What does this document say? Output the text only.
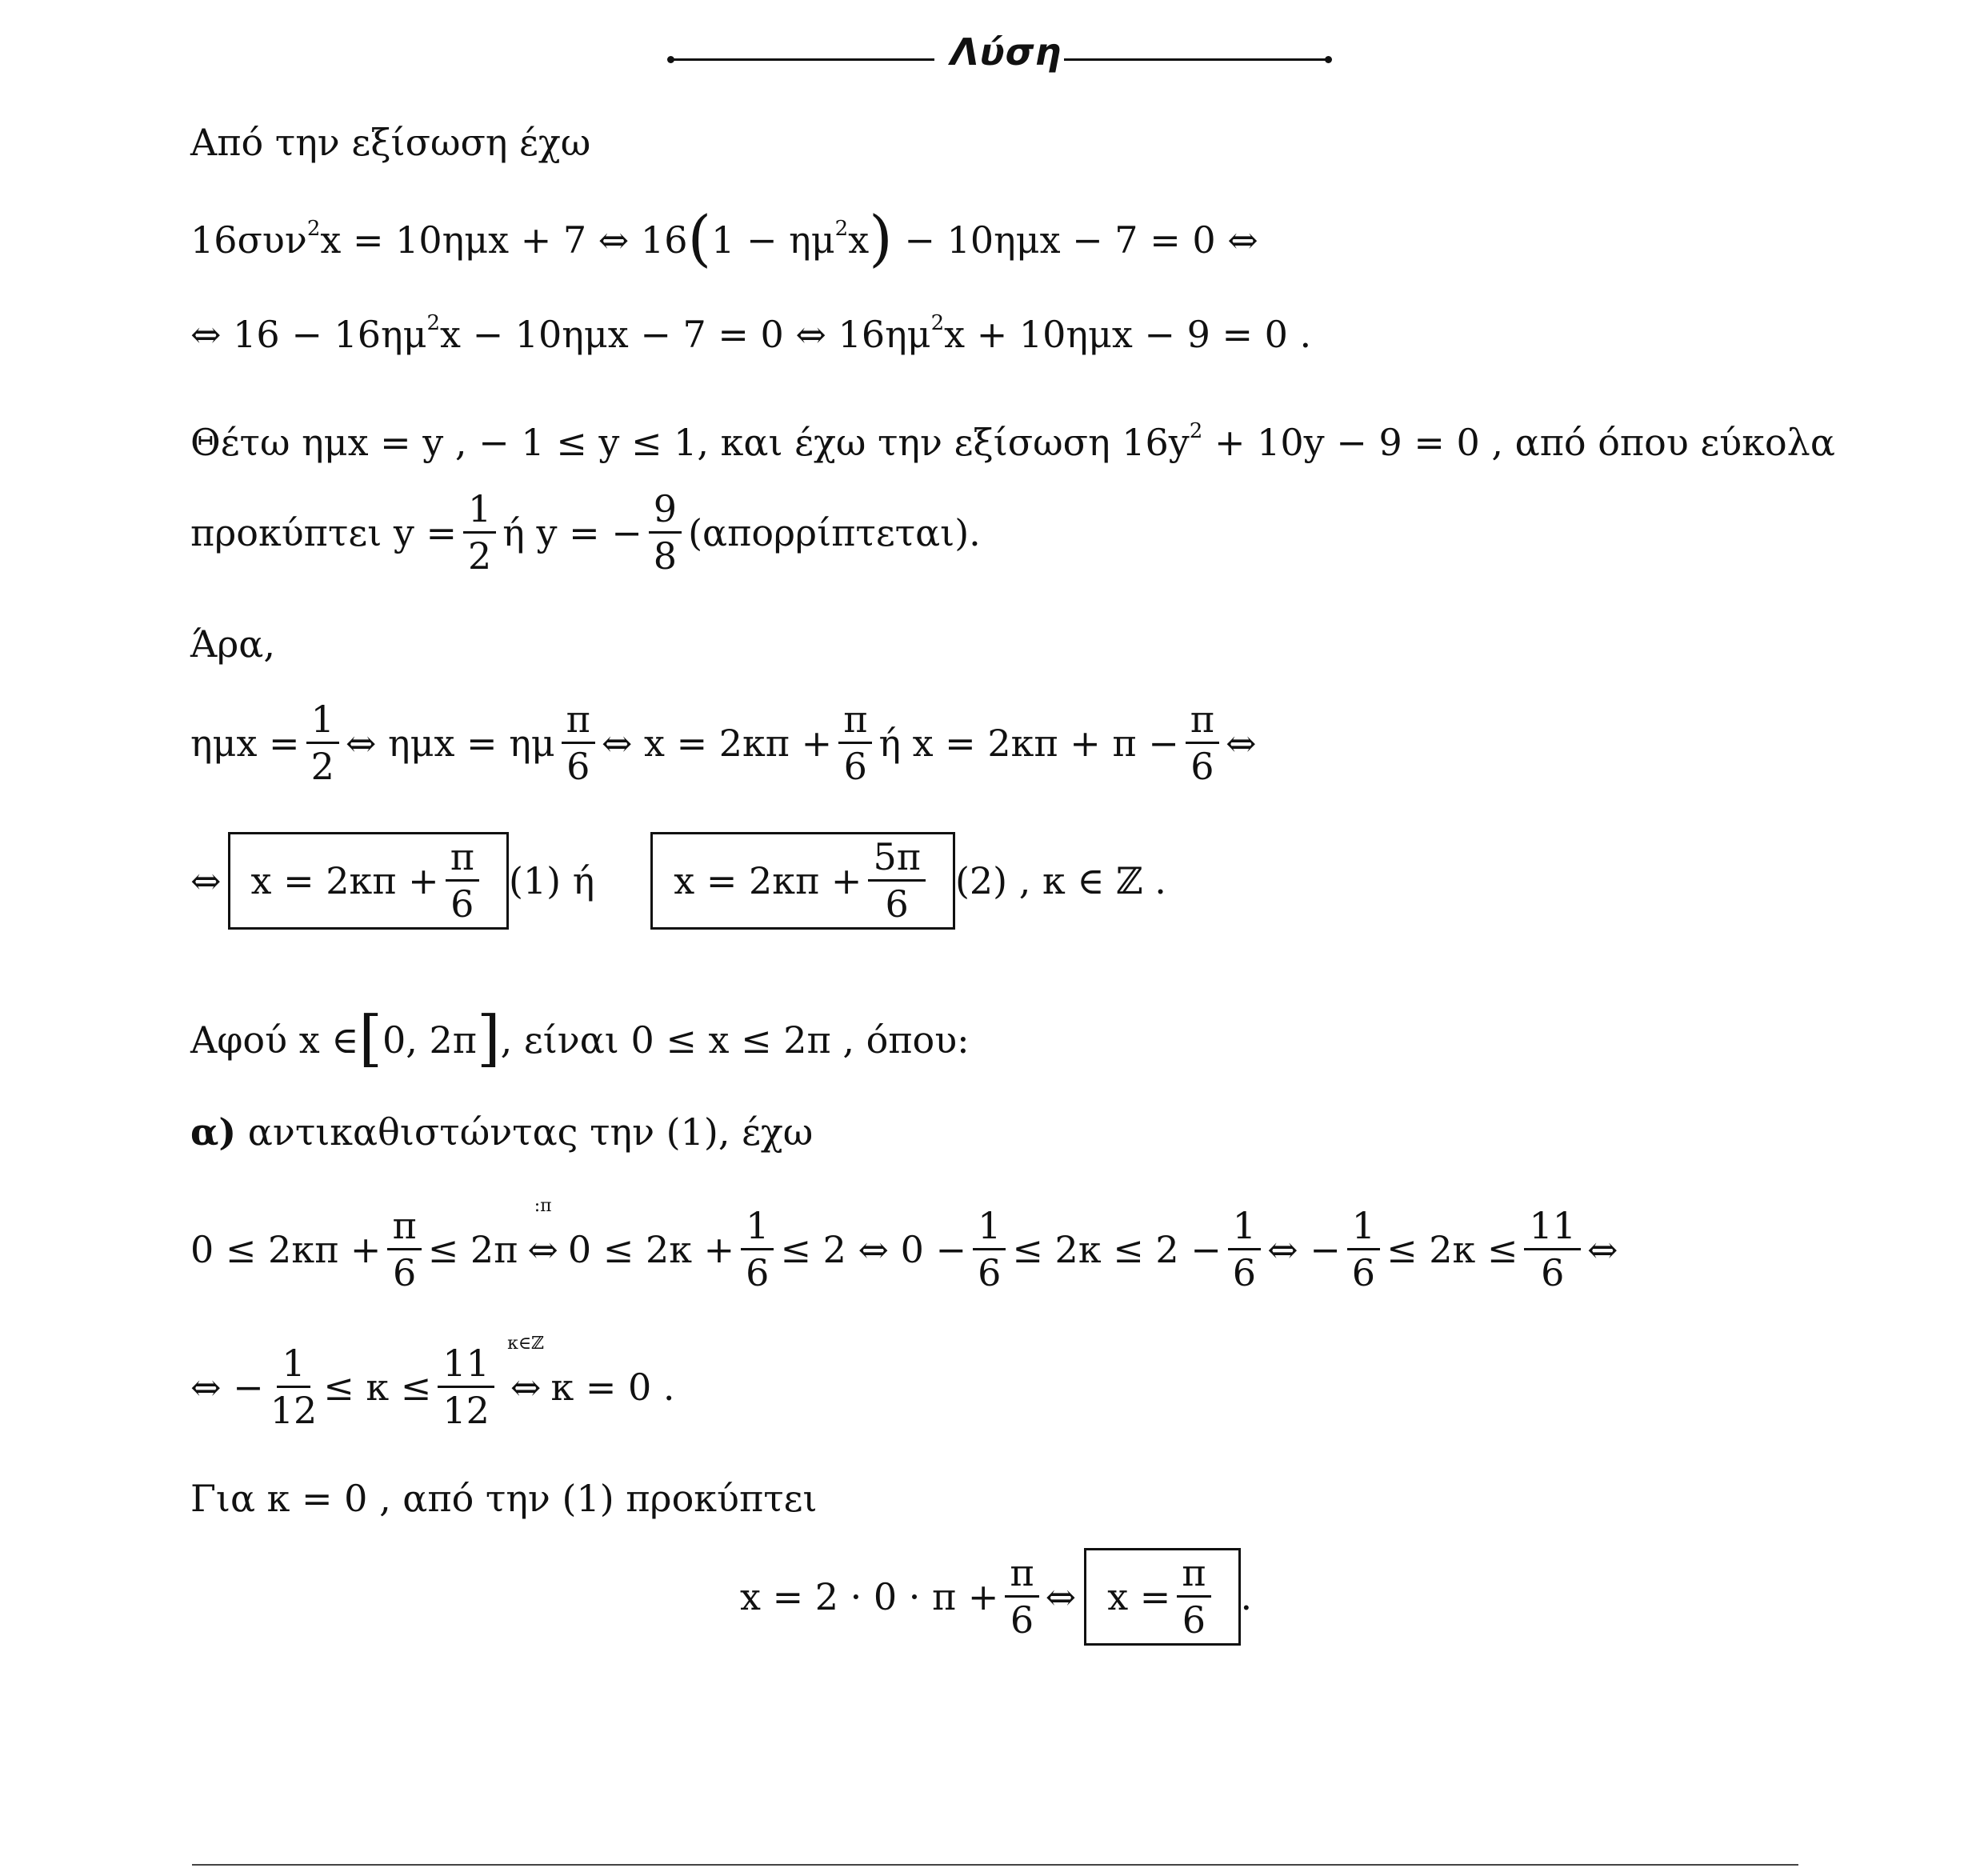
Λύση
Από την εξίσωση έχω
16συν$^2$x = 10ημx + 7 ⇔ $16(1 - \eta\mu^2x) - 10\eta\mu x - 7 = 0$ ⇔
⇔ $16 - 16\eta\mu^2x - 10\eta\mu x - 7 = 0$ ⇔ $16\eta\mu^2x + 10\eta\mu x - 9 = 0$ .
Θέτω ημx = y , − 1 ≤ y ≤ 1, και έχω την εξίσωση $16y^2 + 10y - 9 = 0$ , από όπου εύκολα
προκύπτει $y = \frac{1}{2}$ ή y = − $\frac{9}{8} (\alpha\pi o\rho\rho ί\pi\tau\varepsilon\tau\alpha\iota)$.
Άρα,
$\eta\mu x = \frac{1}{2}$ ⇔ ημx = ημ $\frac{\pi}{6}$ ⇔ $x = 2\kappa\pi + \frac{\pi}{6}$ ή $x = 2\kappa\pi + \pi - \frac{\pi}{6}$ ⇔
⇔ $x = 2\kappa\pi + \frac{\pi}{6} (1)$ ή $x = 2\kappa\pi + \frac{5\pi}{6} (2)$ , κ ∈ ℤ .
Αφού x ∈[0, 2π], είναι 0 ≤ x ≤ 2π , όπου:
α) αντικαθιστώντας την (1), έχω
$0 \le 2\kappa\pi + \frac{\pi}{6} \le 2\pi$
:π
⇔ $0 \le 2\kappa + \frac{1}{6} \le 2$ ⇔ $0 - \frac{1}{6} \le 2\kappa \le 2 - \frac{1}{6}$ ⇔ − $\frac{1}{6} \le 2\kappa \le \frac{11}{6}$ ⇔
⇔ − $\frac{1}{12} \le \kappa \le \frac{11}{12}$
κ∈ℤ
⇔ κ = 0 .
Για κ = 0 , από την (1) προκύπτει
$x = 2 \cdot 0 \cdot \pi + \frac{\pi}{6}$ ⇔ $x = \frac{\pi}{6}$ .
